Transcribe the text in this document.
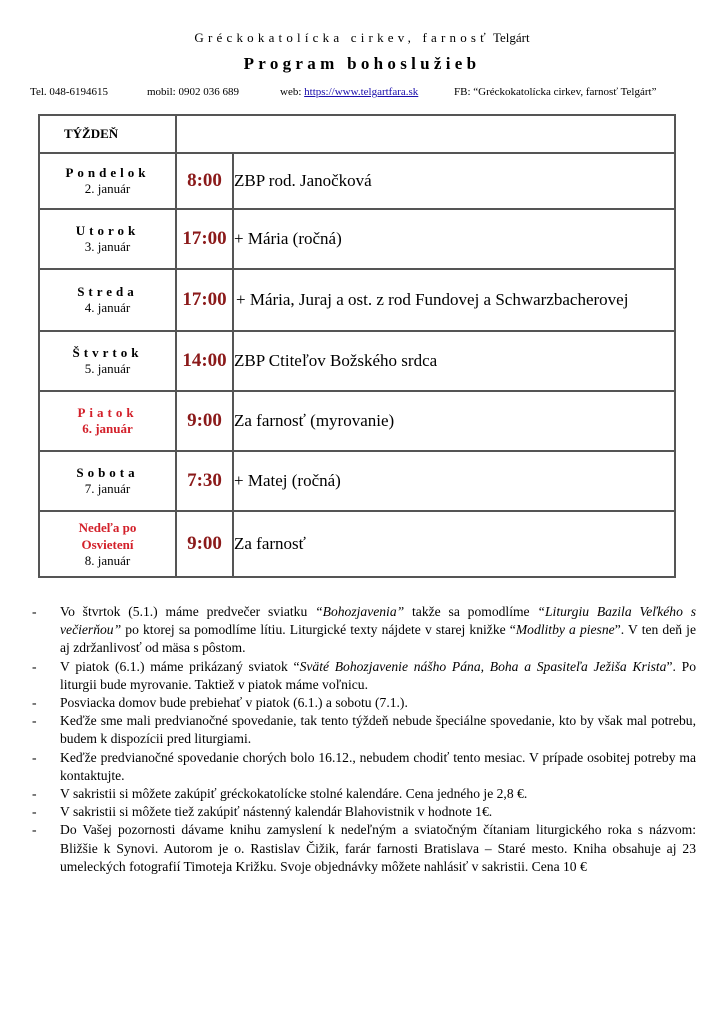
Gréckokatolícka cirkev, farnosť Telgárt
Program bohoslužieb
Tel. 048-6194615	mobil: 0902 036 689	web: https://www.telgartfara.sk	FB: “Gréckokatolícka cirkev, farnosť Telgárt”
TÝŽDEŇ		

Pondelok
2. január	8:00	ZBP rod. Janočková

Utorok
3. január	17:00	+ Mária (ročná)

Streda
4. január	17:00	+ Mária, Juraj a ost. z rod Fundovej a Schwarzbacherovej

Štvrtok
5. január	14:00	ZBP Ctiteľov Božského srdca

Piatok
6. január	9:00	Za farnosť (myrovanie)

Sobota
7. január	7:30	+ Matej (ročná)

Nedeľa po Osvietení
8. január	9:00	Za farnosť
- Vo štvrtok (5.1.) máme predvečer sviatku “Bohozjavenia” takže sa pomodlíme “Liturgiu Bazila Veľkého s večierňou” po ktorej sa pomodlíme lítiu. Liturgické texty nájdete v starej knižke “Modlitby a piesne”. V ten deň je aj zdržanlivosť od mäsa s pôstom.
- V piatok (6.1.) máme prikázaný sviatok “Sväté Bohozjavenie nášho Pána, Boha a Spasiteľa Ježiša Krista”. Po liturgii bude myrovanie. Taktiež v piatok máme voľnicu.
- Posviacka domov bude prebiehať v piatok (6.1.) a sobotu (7.1.).
- Keďže sme mali predvianočné spovedanie, tak tento týždeň nebude špeciálne spovedanie, kto by však mal potrebu, budem k dispozícii pred liturgiami.
- Keďže predvianočné spovedanie chorých bolo 16.12., nebudem chodiť tento mesiac. V prípade osobitej potreby ma kontaktujte.
- V sakristii si môžete zakúpiť gréckokatolícke stolné kalendáre. Cena jedného je 2,8 €.
- V sakristii si môžete tiež zakúpiť nástenný kalendár Blahovistnik v hodnote 1€.
- Do Vašej pozornosti dávame knihu zamyslení k nedeľným a sviatočným čítaniam liturgického roka s názvom: Bližšie k Synovi. Autorom je o. Rastislav Čižik, farár farnosti Bratislava – Staré mesto. Kniha obsahuje aj 23 umeleckých fotografií Timoteja Križku. Svoje objednávky môžete nahlásiť v sakristii. Cena 10 €
